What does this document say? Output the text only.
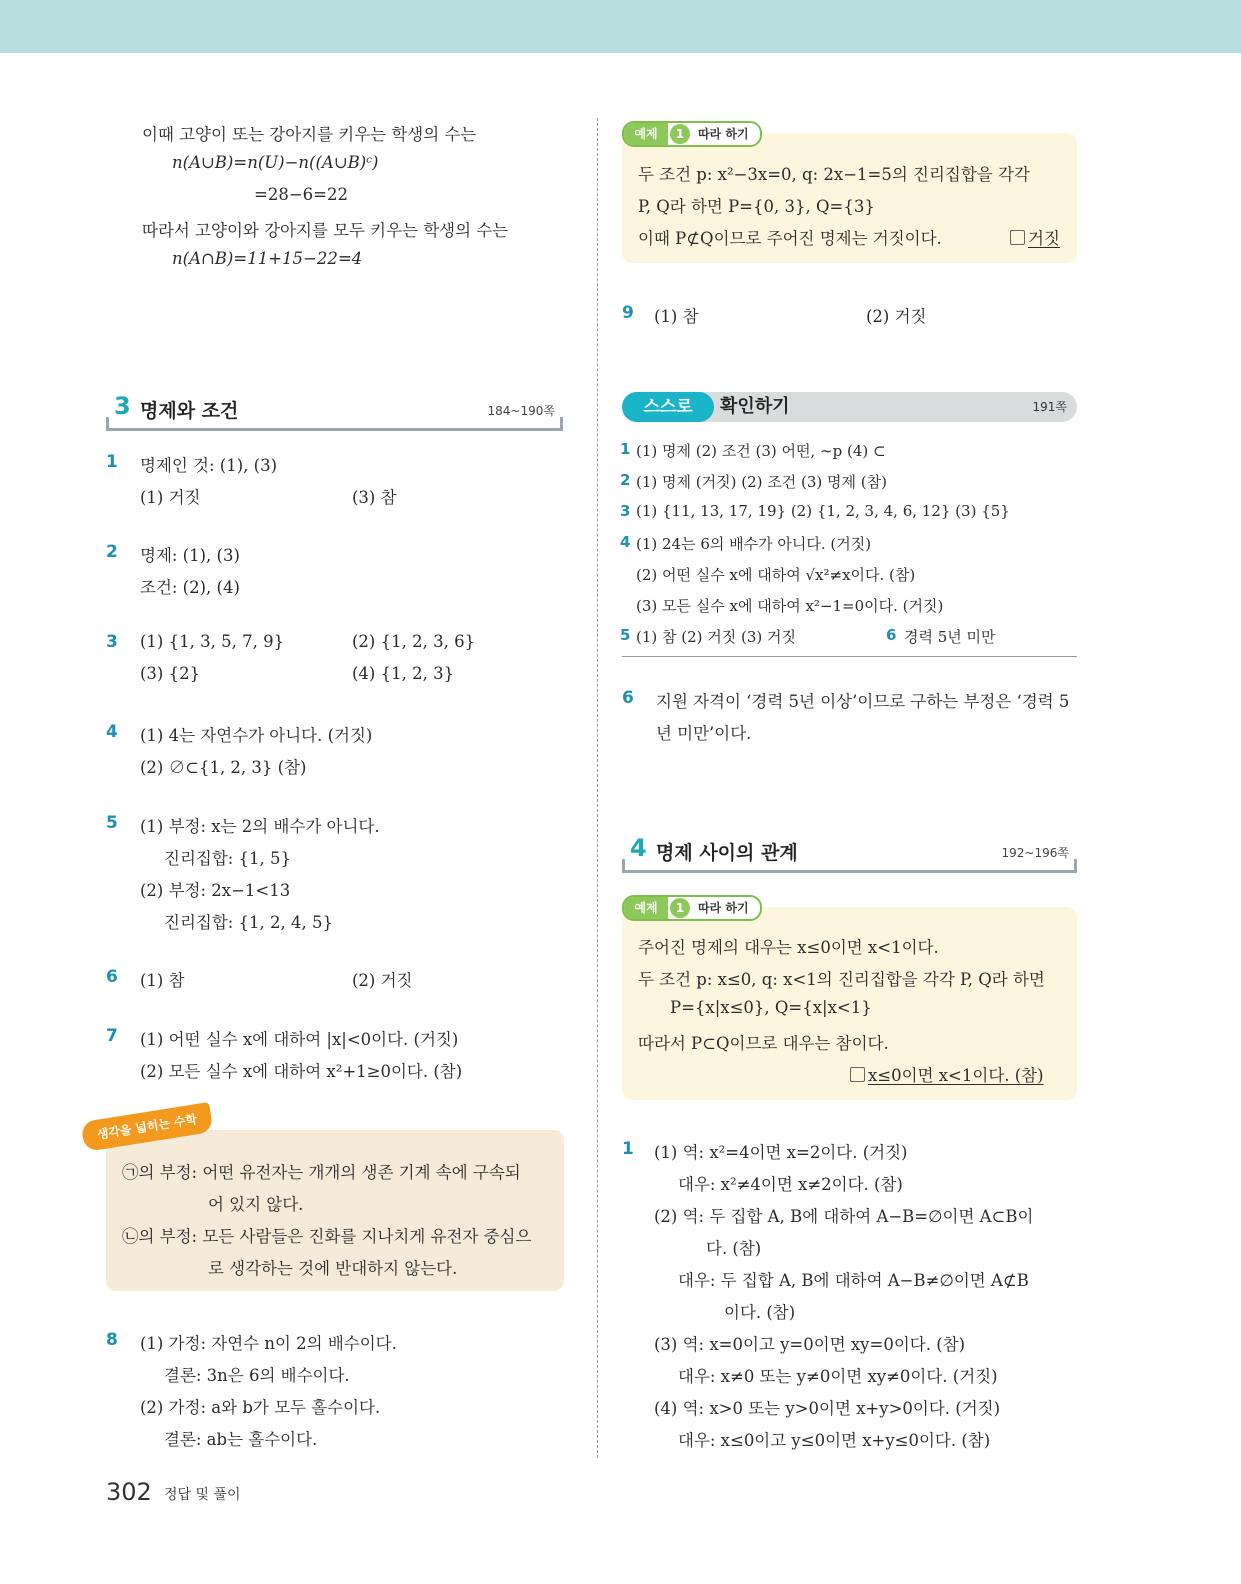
이때 고양이 또는 강아지를 키우는 학생의 수는
n(A∪B)=n(U)−n((A∪B)ᶜ)
=28−6=22
따라서 고양이와 강아지를 모두 키우는 학생의 수는
n(A∩B)=11+15−22=4
3 명제와 조건	184~190쪽
1 명제인 것: (1), (3)
(1) 거짓	(3) 참
2 명제: (1), (3)
조건: (2), (4)
3 (1) {1, 3, 5, 7, 9}	(2) {1, 2, 3, 6}
(3) {2}	(4) {1, 2, 3}
4 (1) 4는 자연수가 아니다. (거짓)
(2) ∅⊂{1, 2, 3} (참)
5 (1) 부정: x는 2의 배수가 아니다.
진리집합: {1, 5}
(2) 부정: 2x−1<13
진리집합: {1, 2, 4, 5}
6 (1) 참	(2) 거짓
7 (1) 어떤 실수 x에 대하여 |x|<0이다. (거짓)
(2) 모든 실수 x에 대하여 x²+1≥0이다. (참)
생각을 넓히는 수학
㉠의 부정: 어떤 유전자는 개개의 생존 기계 속에 구속되
어 있지 않다.
㉡의 부정: 모든 사람들은 진화를 지나치게 유전자 중심으
로 생각하는 것에 반대하지 않는다.
8 (1) 가정: 자연수 n이 2의 배수이다.
결론: 3n은 6의 배수이다.
(2) 가정: a와 b가 모두 홀수이다.
결론: ab는 홀수이다.
예제	1	따라 하기
두 조건 p: x²−3x=0, q: 2x−1=5의 진리집합을 각각
P, Q라 하면 P={0, 3}, Q={3}
이때 P⊄Q이므로 주어진 명제는 거짓이다.	거짓
9 (1) 참	(2) 거짓
스스로	확인하기	191쪽
1 (1) 명제 (2) 조건 (3) 어떤, ∼p (4) ⊂
2 (1) 명제 (거짓) (2) 조건 (3) 명제 (참)
3 (1) {11, 13, 17, 19} (2) {1, 2, 3, 4, 6, 12} (3) {5}
4 (1) 24는 6의 배수가 아니다. (거짓)
(2) 어떤 실수 x에 대하여 √x²≠x이다. (참)
(3) 모든 실수 x에 대하여 x²−1=0이다. (거짓)
5 (1) 참 (2) 거짓 (3) 거짓	6 경력 5년 미만
6 지원 자격이 ‘경력 5년 이상’이므로 구하는 부정은 ‘경력 5
년 미만’이다.
4 명제 사이의 관계	192~196쪽
예제	1	따라 하기
주어진 명제의 대우는 x≤0이면 x<1이다.
두 조건 p: x≤0, q: x<1의 진리집합을 각각 P, Q라 하면
P={x|x≤0}, Q={x|x<1}
따라서 P⊂Q이므로 대우는 참이다.
x≤0이면 x<1이다. (참)
1 (1) 역: x²=4이면 x=2이다. (거짓)
대우: x²≠4이면 x≠2이다. (참)
(2) 역: 두 집합 A, B에 대하여 A−B=∅이면 A⊂B이
다. (참)
대우: 두 집합 A, B에 대하여 A−B≠∅이면 A⊄B
이다. (참)
(3) 역: x=0이고 y=0이면 xy=0이다. (참)
대우: x≠0 또는 y≠0이면 xy≠0이다. (거짓)
(4) 역: x>0 또는 y>0이면 x+y>0이다. (거짓)
대우: x≤0이고 y≤0이면 x+y≤0이다. (참)
302 정답 및 풀이
